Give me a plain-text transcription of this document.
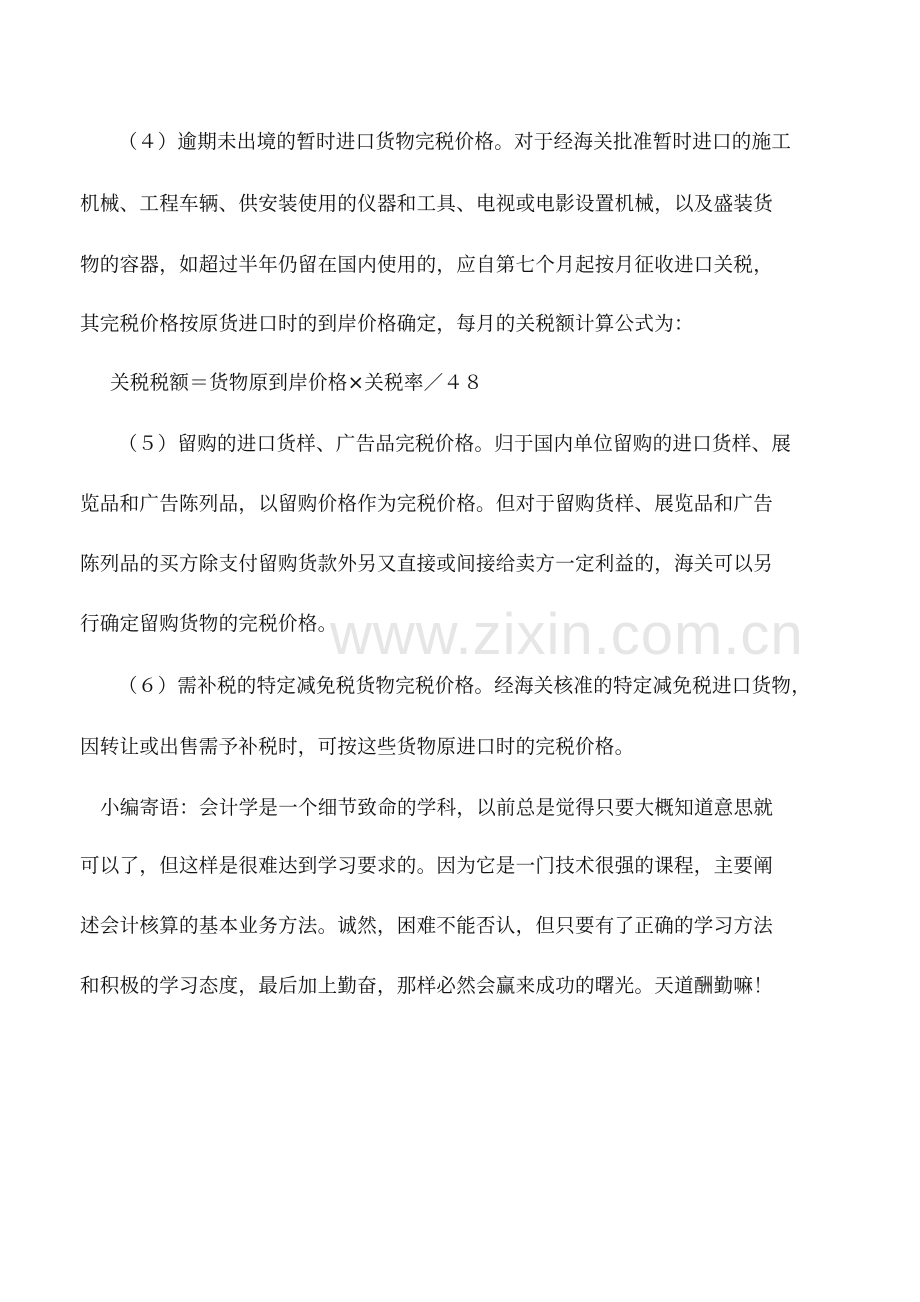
www.zixin.com.cn
（４）逾期未出境的暂时进口货物完税价格。对于经海关批准暂时进口的施工
机械、工程车辆、供安装使用的仪器和工具、电视或电影设置机械，以及盛装货
物的容器，如超过半年仍留在国内使用的，应自第七个月起按月征收进口关税，
其完税价格按原货进口时的到岸价格确定，每月的关税额计算公式为：
关税税额＝货物原到岸价格×关税率／４８
（５）留购的进口货样、广告品完税价格。归于国内单位留购的进口货样、展
览品和广告陈列品，以留购价格作为完税价格。但对于留购货样、展览品和广告
陈列品的买方除支付留购货款外另又直接或间接给卖方一定利益的，海关可以另
行确定留购货物的完税价格。
（６）需补税的特定减免税货物完税价格。经海关核准的特定减免税进口货物，
因转让或出售需予补税时，可按这些货物原进口时的完税价格。
小编寄语：会计学是一个细节致命的学科，以前总是觉得只要大概知道意思就
可以了，但这样是很难达到学习要求的。因为它是一门技术很强的课程，主要阐
述会计核算的基本业务方法。诚然，困难不能否认，但只要有了正确的学习方法
和积极的学习态度，最后加上勤奋，那样必然会赢来成功的曙光。天道酬勤嘛！
